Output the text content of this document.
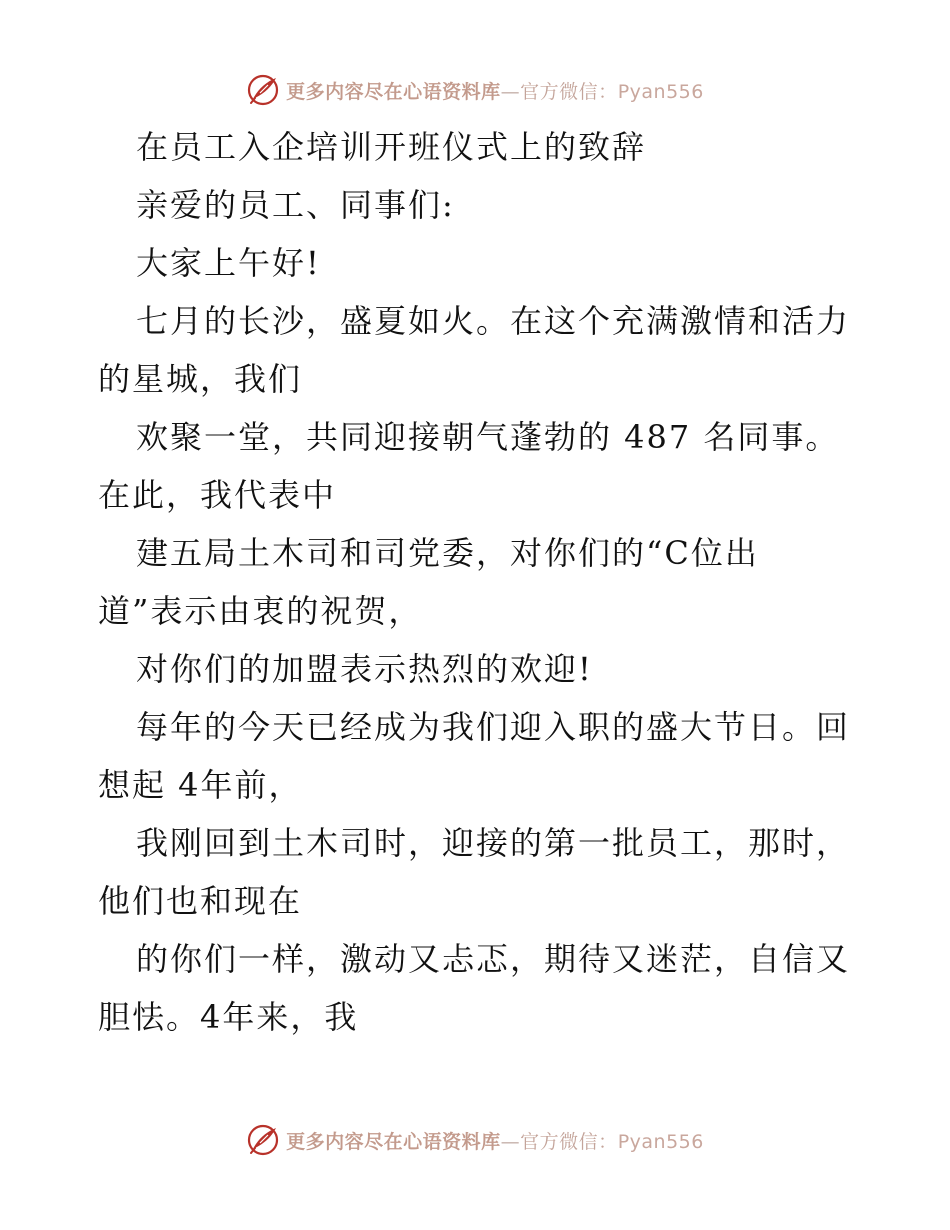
更多内容尽在心语资料库—官方微信：Pyan556
在员工入企培训开班仪式上的致辞
亲爱的员工、同事们:
大家上午好!
七月的长沙，盛夏如火。在这个充满激情和活力
的星城，我们
欢聚一堂，共同迎接朝气蓬勃的 487 名同事。
在此，我代表中
建五局土木司和司党委，对你们的“C位出
道”表示由衷的祝贺，
对你们的加盟表示热烈的欢迎!
每年的今天已经成为我们迎入职的盛大节日。回
想起 4年前，
我刚回到土木司时，迎接的第一批员工，那时，
他们也和现在
的你们一样，激动又忐忑，期待又迷茫，自信又
胆怯。4年来，我
更多内容尽在心语资料库—官方微信：Pyan556
